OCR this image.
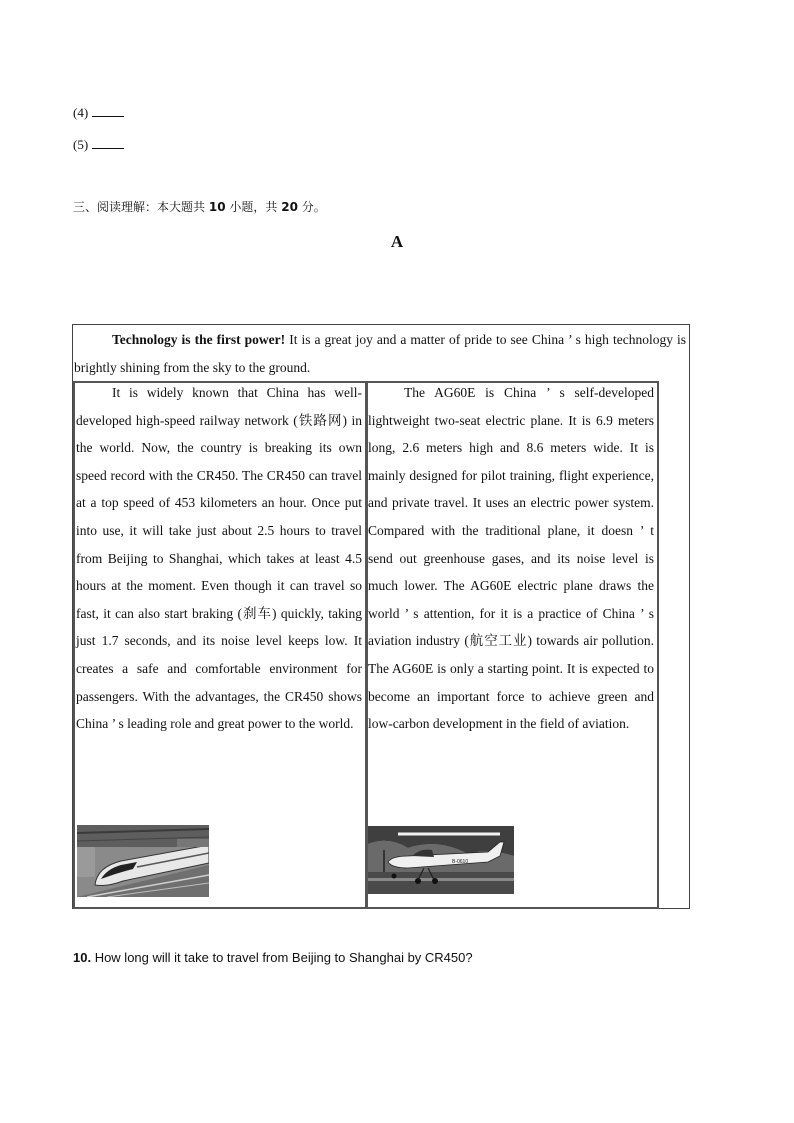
(4)
(5)
三、阅读理解：本大题共 10 小题，共 20 分。
A
Technology is the first power! It is a great joy and a matter of pride to see China ’ s high technology is brightly shining from the sky to the ground.
It is widely known that China has well-developed high-speed railway network (铁路网) in the world. Now, the country is breaking its own speed record with the CR450. The CR450 can travel at a top speed of 453 kilometers an hour. Once put into use, it will take just about 2.5 hours to travel from Beijing to Shanghai, which takes at least 4.5 hours at the moment. Even though it can travel so fast, it can also start braking (刹车) quickly, taking just 1.7 seconds, and its noise level keeps low. It creates a safe and comfortable environment for passengers. With the advantages, the CR450 shows China ’ s leading role and great power to the world.
The AG60E is China ’ s self-developed lightweight two-seat electric plane. It is 6.9 meters long, 2.6 meters high and 8.6 meters wide. It is mainly designed for pilot training, flight experience, and private travel. It uses an electric power system. Compared with the traditional plane, it doesn ’ t send out greenhouse gases, and its noise level is much lower. The AG60E electric plane draws the world ’ s attention, for it is a practice of China ’ s aviation industry (航空工业) towards air pollution. The AG60E is only a starting point. It is expected to become an important force to achieve green and low-carbon development in the field of aviation.
B-0610
10. How long will it take to travel from Beijing to Shanghai by CR450?
